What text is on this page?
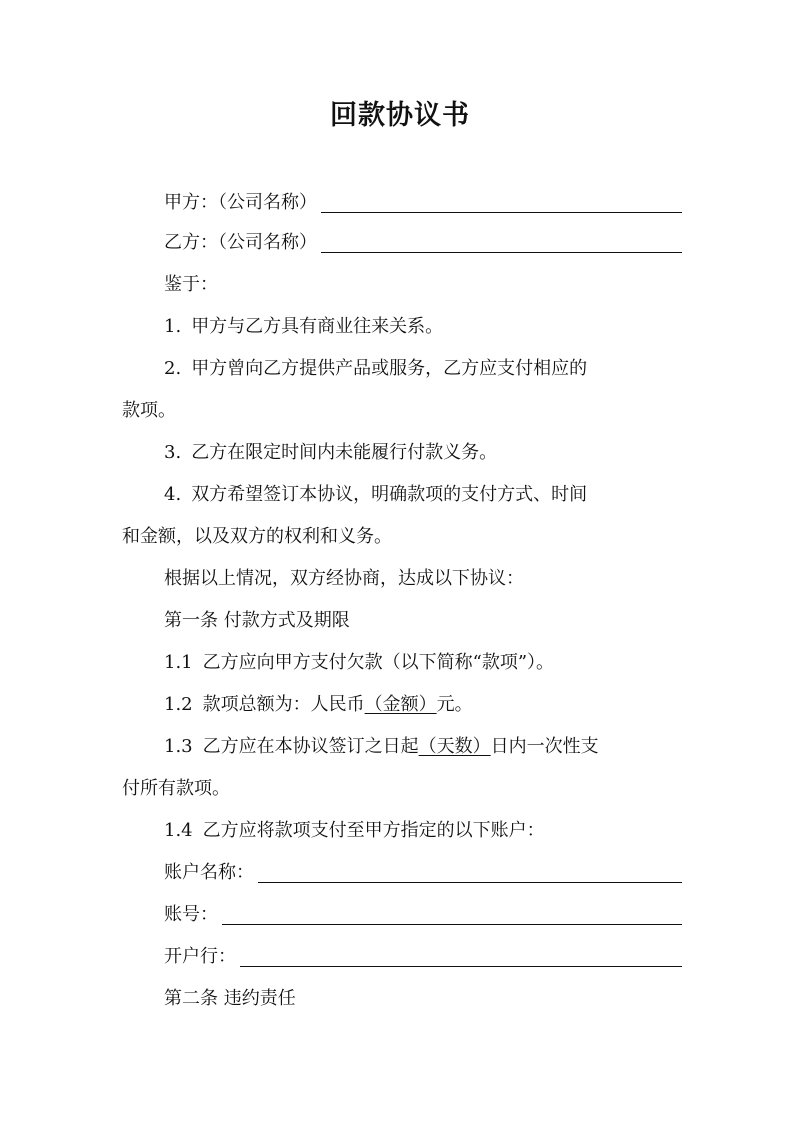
回款协议书
甲方：（公司名称）
乙方：（公司名称）
鉴于：
1. 甲方与乙方具有商业往来关系。
2. 甲方曾向乙方提供产品或服务，乙方应支付相应的
款项。
3. 乙方在限定时间内未能履行付款义务。
4. 双方希望签订本协议，明确款项的支付方式、时间
和金额，以及双方的权利和义务。
根据以上情况，双方经协商，达成以下协议：
第一条 付款方式及期限
1.1 乙方应向甲方支付欠款（以下简称“款项”）。
1.2 款项总额为：人民币（金额）元。
1.3 乙方应在本协议签订之日起（天数）日内一次性支
付所有款项。
1.4 乙方应将款项支付至甲方指定的以下账户：
账户名称：
账号：
开户行：
第二条 违约责任
